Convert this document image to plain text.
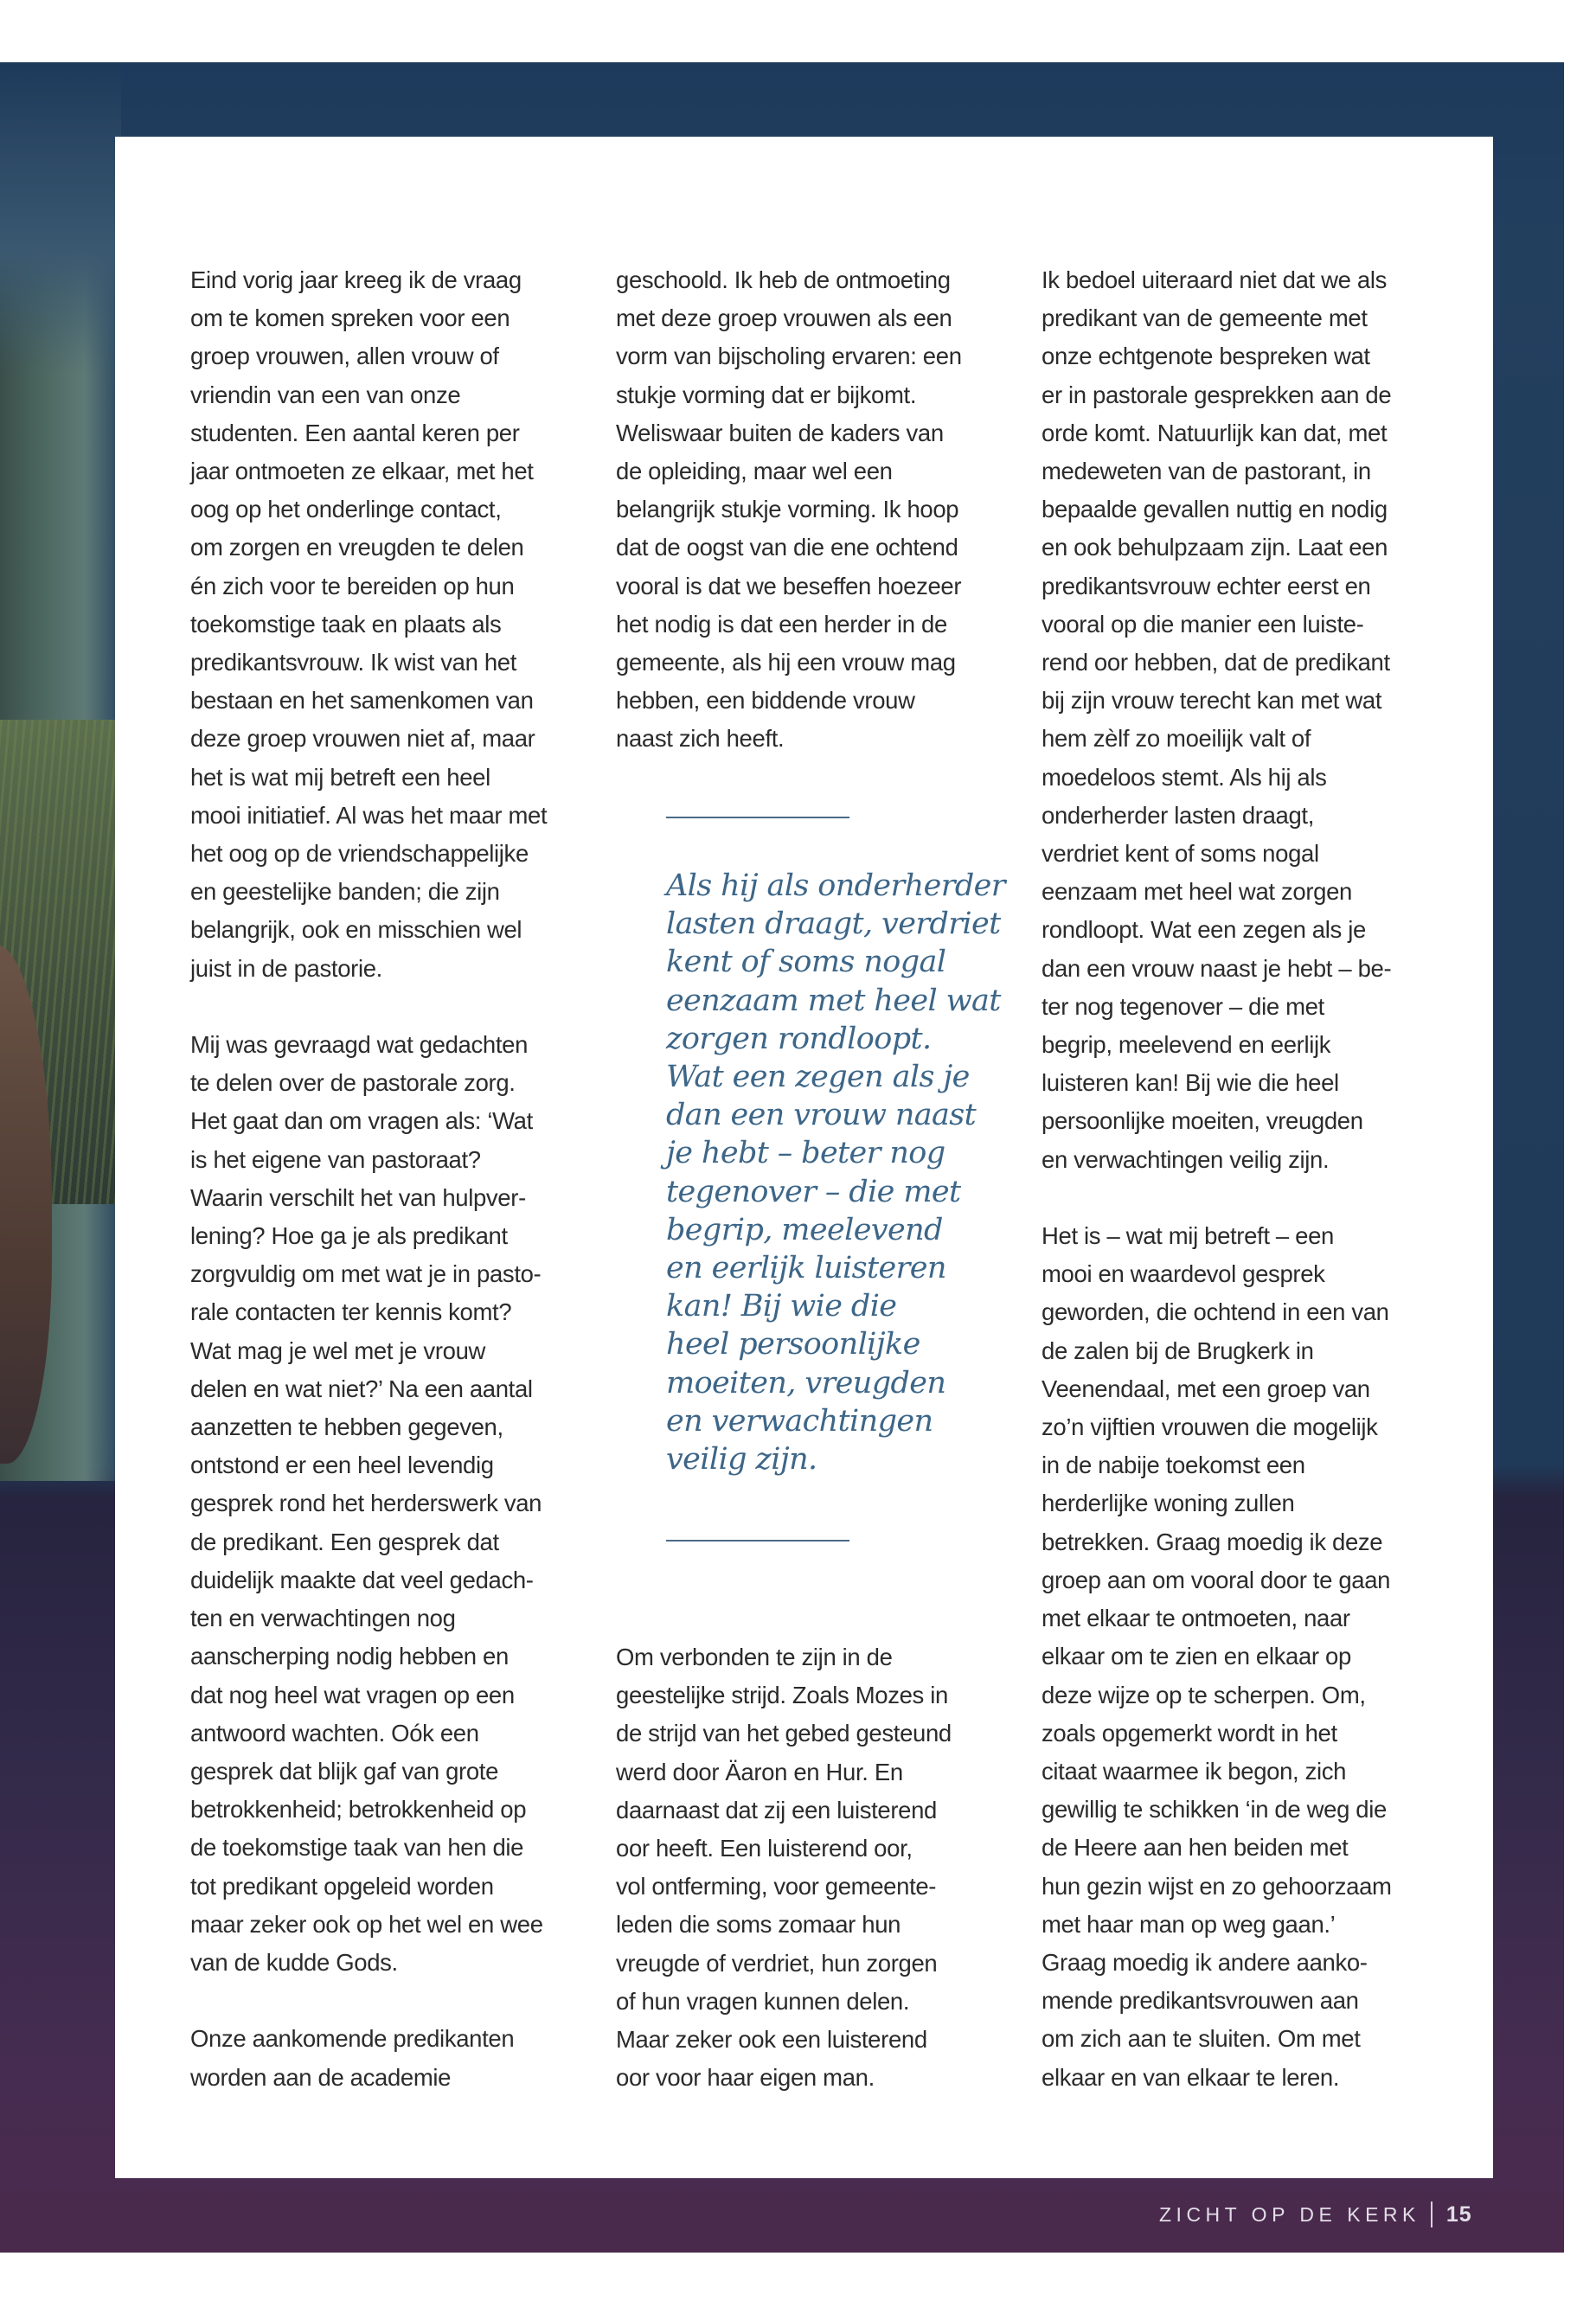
Eind vorig jaar kreeg ik de vraag
om te komen spreken voor een
groep vrouwen, allen vrouw of
vriendin van een van onze
studenten. Een aantal keren per
jaar ontmoeten ze elkaar, met het
oog op het onderlinge contact,
om zorgen en vreugden te delen
én zich voor te bereiden op hun
toekomstige taak en plaats als
predikantsvrouw. Ik wist van het
bestaan en het samenkomen van
deze groep vrouwen niet af, maar
het is wat mij betreft een heel
mooi initiatief. Al was het maar met
het oog op de vriendschappelijke
en geestelijke banden; die zijn
belangrijk, ook en misschien wel
juist in de pastorie.

Mij was gevraagd wat gedachten
te delen over de pastorale zorg.
Het gaat dan om vragen als: ‘Wat
is het eigene van pastoraat?
Waarin verschilt het van hulpver-
lening? Hoe ga je als predikant
zorgvuldig om met wat je in pasto-
rale contacten ter kennis komt?
Wat mag je wel met je vrouw
delen en wat niet?’ Na een aantal
aanzetten te hebben gegeven,
ontstond er een heel levendig
gesprek rond het herderswerk van
de predikant. Een gesprek dat
duidelijk maakte dat veel gedach-
ten en verwachtingen nog
aanscherping nodig hebben en
dat nog heel wat vragen op een
antwoord wachten. Oók een
gesprek dat blijk gaf van grote
betrokkenheid; betrokkenheid op
de toekomstige taak van hen die
tot predikant opgeleid worden
maar zeker ook op het wel en wee
van de kudde Gods.

Onze aankomende predikanten
worden aan de academie

geschoold. Ik heb de ontmoeting
met deze groep vrouwen als een
vorm van bijscholing ervaren: een
stukje vorming dat er bijkomt.
Weliswaar buiten de kaders van
de opleiding, maar wel een
belangrijk stukje vorming. Ik hoop
dat de oogst van die ene ochtend
vooral is dat we beseffen hoezeer
het nodig is dat een herder in de
gemeente, als hij een vrouw mag
hebben, een biddende vrouw
naast zich heeft.

Als hij als onderherder
lasten draagt, verdriet
kent of soms nogal
eenzaam met heel wat
zorgen rondloopt.
Wat een zegen als je
dan een vrouw naast
je hebt – beter nog
tegenover – die met
begrip, meelevend
en eerlijk luisteren
kan! Bij wie die
heel persoonlijke
moeiten, vreugden
en verwachtingen
veilig zijn.

Om verbonden te zijn in de
geestelijke strijd. Zoals Mozes in
de strijd van het gebed gesteund
werd door Äaron en Hur. En
daarnaast dat zij een luisterend
oor heeft. Een luisterend oor,
vol ontferming, voor gemeente-
leden die soms zomaar hun
vreugde of verdriet, hun zorgen
of hun vragen kunnen delen.
Maar zeker ook een luisterend
oor voor haar eigen man.

Ik bedoel uiteraard niet dat we als
predikant van de gemeente met
onze echtgenote bespreken wat
er in pastorale gesprekken aan de
orde komt. Natuurlijk kan dat, met
medeweten van de pastorant, in
bepaalde gevallen nuttig en nodig
en ook behulpzaam zijn. Laat een
predikantsvrouw echter eerst en
vooral op die manier een luiste-
rend oor hebben, dat de predikant
bij zijn vrouw terecht kan met wat
hem zèlf zo moeilijk valt of
moedeloos stemt. Als hij als
onderherder lasten draagt,
verdriet kent of soms nogal
eenzaam met heel wat zorgen
rondloopt. Wat een zegen als je
dan een vrouw naast je hebt – be-
ter nog tegenover – die met
begrip, meelevend en eerlijk
luisteren kan! Bij wie die heel
persoonlijke moeiten, vreugden
en verwachtingen veilig zijn.

Het is – wat mij betreft – een
mooi en waardevol gesprek
geworden, die ochtend in een van
de zalen bij de Brugkerk in
Veenendaal, met een groep van
zo’n vijftien vrouwen die mogelijk
in de nabije toekomst een
herderlijke woning zullen
betrekken. Graag moedig ik deze
groep aan om vooral door te gaan
met elkaar te ontmoeten, naar
elkaar om te zien en elkaar op
deze wijze op te scherpen. Om,
zoals opgemerkt wordt in het
citaat waarmee ik begon, zich
gewillig te schikken ‘in de weg die
de Heere aan hen beiden met
hun gezin wijst en zo gehoorzaam
met haar man op weg gaan.’
Graag moedig ik andere aanko-
mende predikantsvrouwen aan
om zich aan te sluiten. Om met
elkaar en van elkaar te leren.

ZICHT OP DE KERK 15
